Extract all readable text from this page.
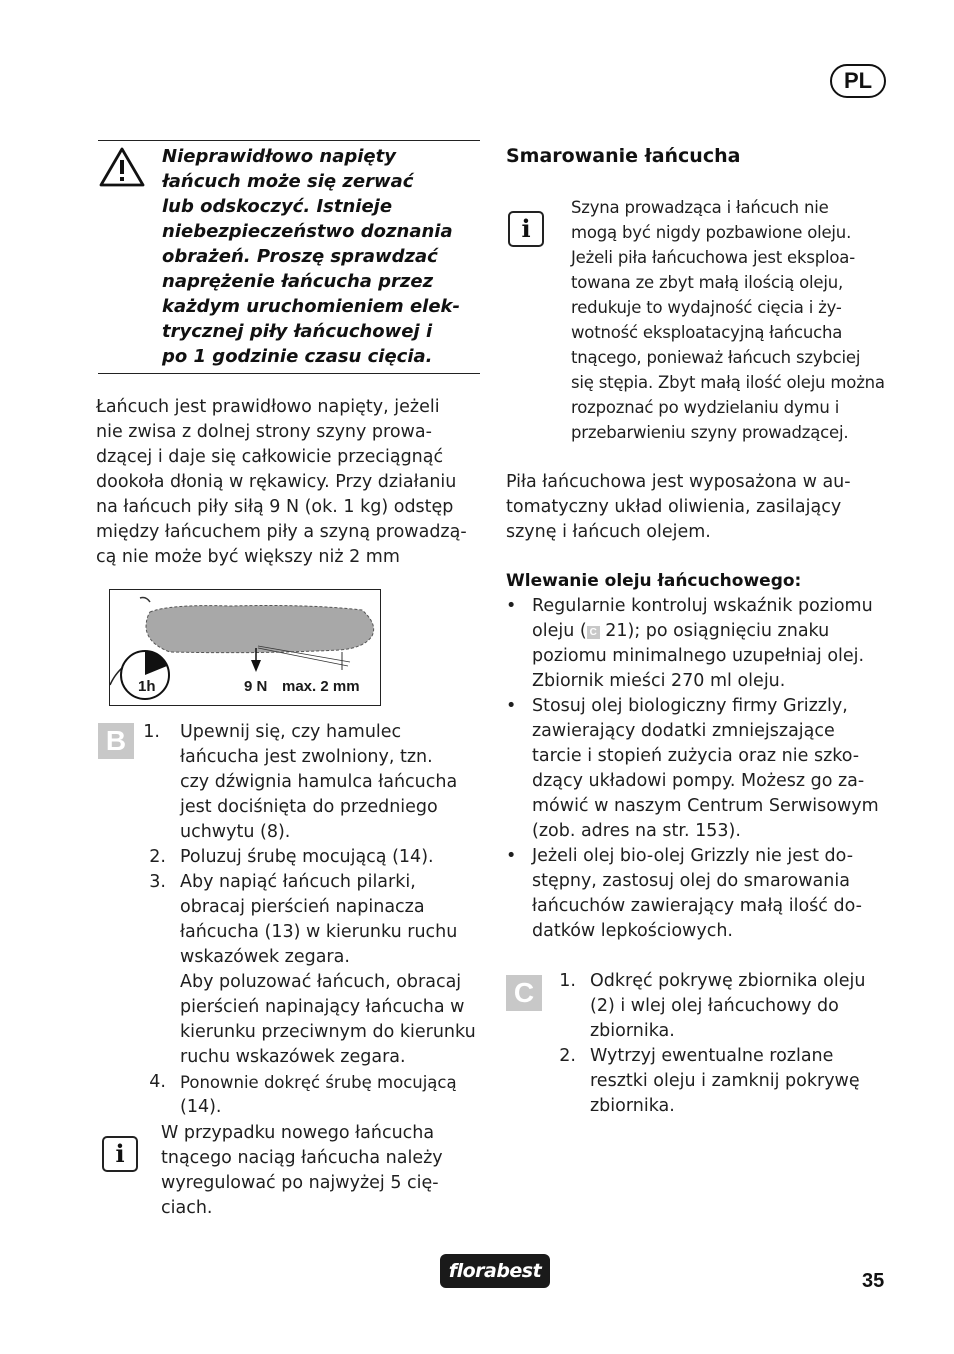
PL
Nieprawidłowo napięty
łańcuch może się zerwać
lub odskoczyć. Istnieje
niebezpieczeństwo doznania
obrażeń. Proszę sprawdzać
naprężenie łańcucha przez
każdym uruchomieniem elek-
trycznej piły łańcuchowej i
po 1 godzinie czasu cięcia.
Łańcuch jest prawidłowo napięty, jeżeli
nie zwisa z dolnej strony szyny prowa-
dzącej i daje się całkowicie przeciągnąć
dookoła dłonią w rękawicy. Przy działaniu
na łańcuch piły siłą 9 N (ok. 1 kg) odstęp
między łańcuchem piły a szyną prowadzą-
cą nie może być większy niż 2 mm
1h	9 N max. 2 mm
B 1. Upewnij się, czy hamulec
łańcucha jest zwolniony, tzn.
czy dźwignia hamulca łańcucha
jest dociśnięta do przedniego
uchwytu (8).
2. Poluzuj śrubę mocującą (14).
3. Aby napiąć łańcuch pilarki,
obracaj pierścień napinacza
łańcucha (13) w kierunku ruchu
wskazówek zegara.
Aby poluzować łańcuch, obracaj
pierścień napinający łańcucha w
kierunku przeciwnym do kierunku
ruchu wskazówek zegara.
4. Ponownie dokręć śrubę mocującą
(14).
i
W przypadku nowego łańcucha
tnącego naciąg łańcucha należy
wyregulować po najwyżej 5 cię-
ciach.
Smarowanie łańcucha
i
Szyna prowadząca i łańcuch nie
mogą być nigdy pozbawione oleju.
Jeżeli piła łańcuchowa jest eksploa-
towana ze zbyt małą ilością oleju,
redukuje to wydajność cięcia i ży-
wotność eksploatacyjną łańcucha
tnącego, ponieważ łańcuch szybciej
się stępia. Zbyt małą ilość oleju można
rozpoznać po wydzielaniu dymu i
przebarwieniu szyny prowadzącej.
Piła łańcuchowa jest wyposażona w au-
tomatyczny układ oliwienia, zasilający
szynę i łańcuch olejem.
Wlewanie oleju łańcuchowego:
• Regularnie kontroluj wskaźnik poziomu
oleju ( C 21); po osiągnięciu znaku
poziomu minimalnego uzupełniaj olej.
Zbiornik mieści 270 ml oleju.
• Stosuj olej biologiczny firmy Grizzly,
zawierający dodatki zmniejszające
tarcie i stopień zużycia oraz nie szko-
dzący układowi pompy. Możesz go za-
mówić w naszym Centrum Serwisowym
(zob. adres na str. 153).
• Jeżeli olej bio-olej Grizzly nie jest do-
stępny, zastosuj olej do smarowania
łańcuchów zawierający małą ilość do-
datków lepkościowych.
C	1. Odkręć pokrywę zbiornika oleju
(2) i wlej olej łańcuchowy do
zbiornika.
2. Wytrzyj ewentualne rozlane
resztki oleju i zamknij pokrywę
zbiornika.
florabest	35
